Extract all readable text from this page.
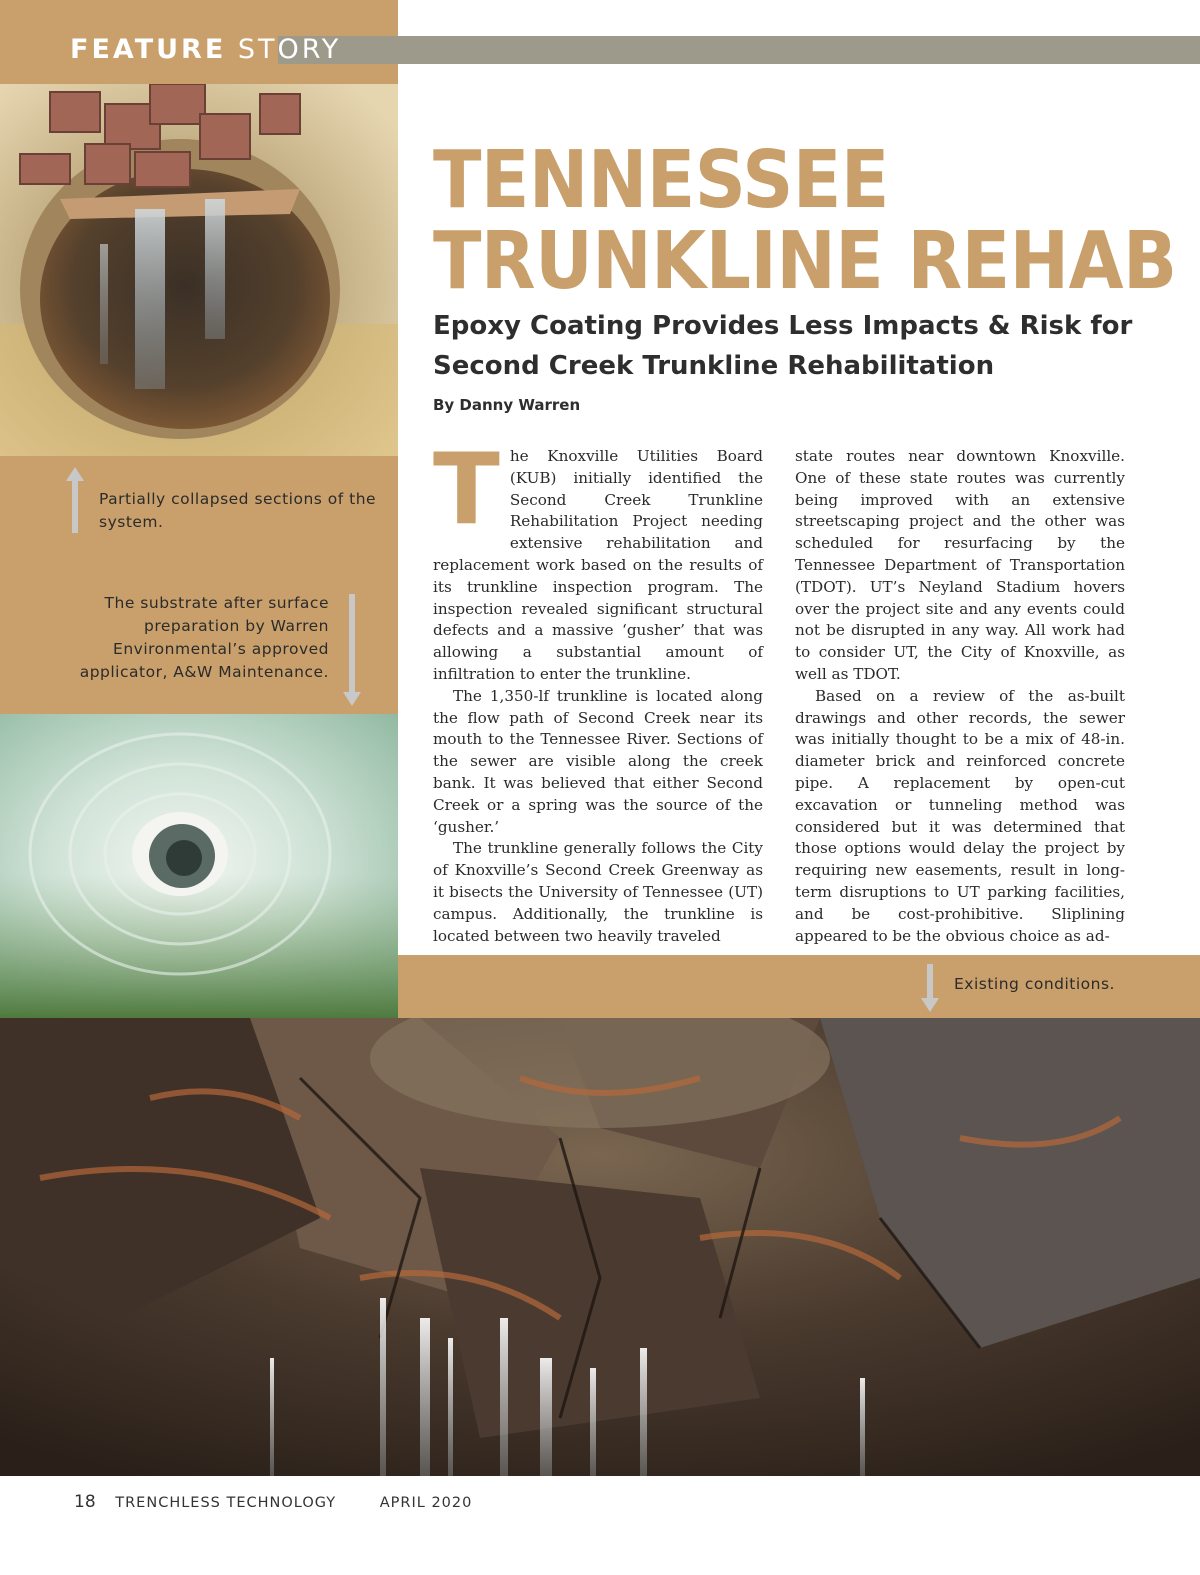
FEATURE STORY
Partially collapsed sections of the system.
The substrate after surface preparation by Warren Environmental’s approved applicator, A&W Maintenance.
TENNESSEE
TRUNKLINE REHAB
Epoxy Coating Provides Less Impacts & Risk for Second Creek Trunkline Rehabilitation
By Danny Warren
T he Knoxville Utilities Board (KUB) initially identified the Second Creek Trunkline Rehabilitation Project needing extensive rehabilitation and replacement work based on the results of its trunkline inspection program. The inspection revealed significant structural defects and a massive ‘gusher’ that was allowing a substantial amount of infiltration to enter the trunkline.

The 1,350-lf trunkline is located along the flow path of Second Creek near its mouth to the Tennessee River. Sections of the sewer are visible along the creek bank. It was believed that either Second Creek or a spring was the source of the ‘gusher.’

The trunkline generally follows the City of Knoxville’s Second Creek Greenway as it bisects the University of Tennessee (UT) campus. Additionally, the trunkline is located between two heavily traveled

state routes near downtown Knoxville. One of these state routes was currently being improved with an extensive streetscaping project and the other was scheduled for resurfacing by the Tennessee Department of Transportation (TDOT). UT’s Neyland Stadium hovers over the project site and any events could not be disrupted in any way. All work had to consider UT, the City of Knoxville, as well as TDOT.

Based on a review of the as-built drawings and other records, the sewer was initially thought to be a mix of 48-in. diameter brick and reinforced concrete pipe. A replacement by open-cut excavation or tunneling method was considered but it was determined that those options would delay the project by requiring new easements, result in long-term disruptions to UT parking facilities, and be cost-prohibitive. Sliplining appeared to be the obvious choice as ad-

Existing conditions.
18 TRENCHLESS TECHNOLOGY	APRIL 2020
